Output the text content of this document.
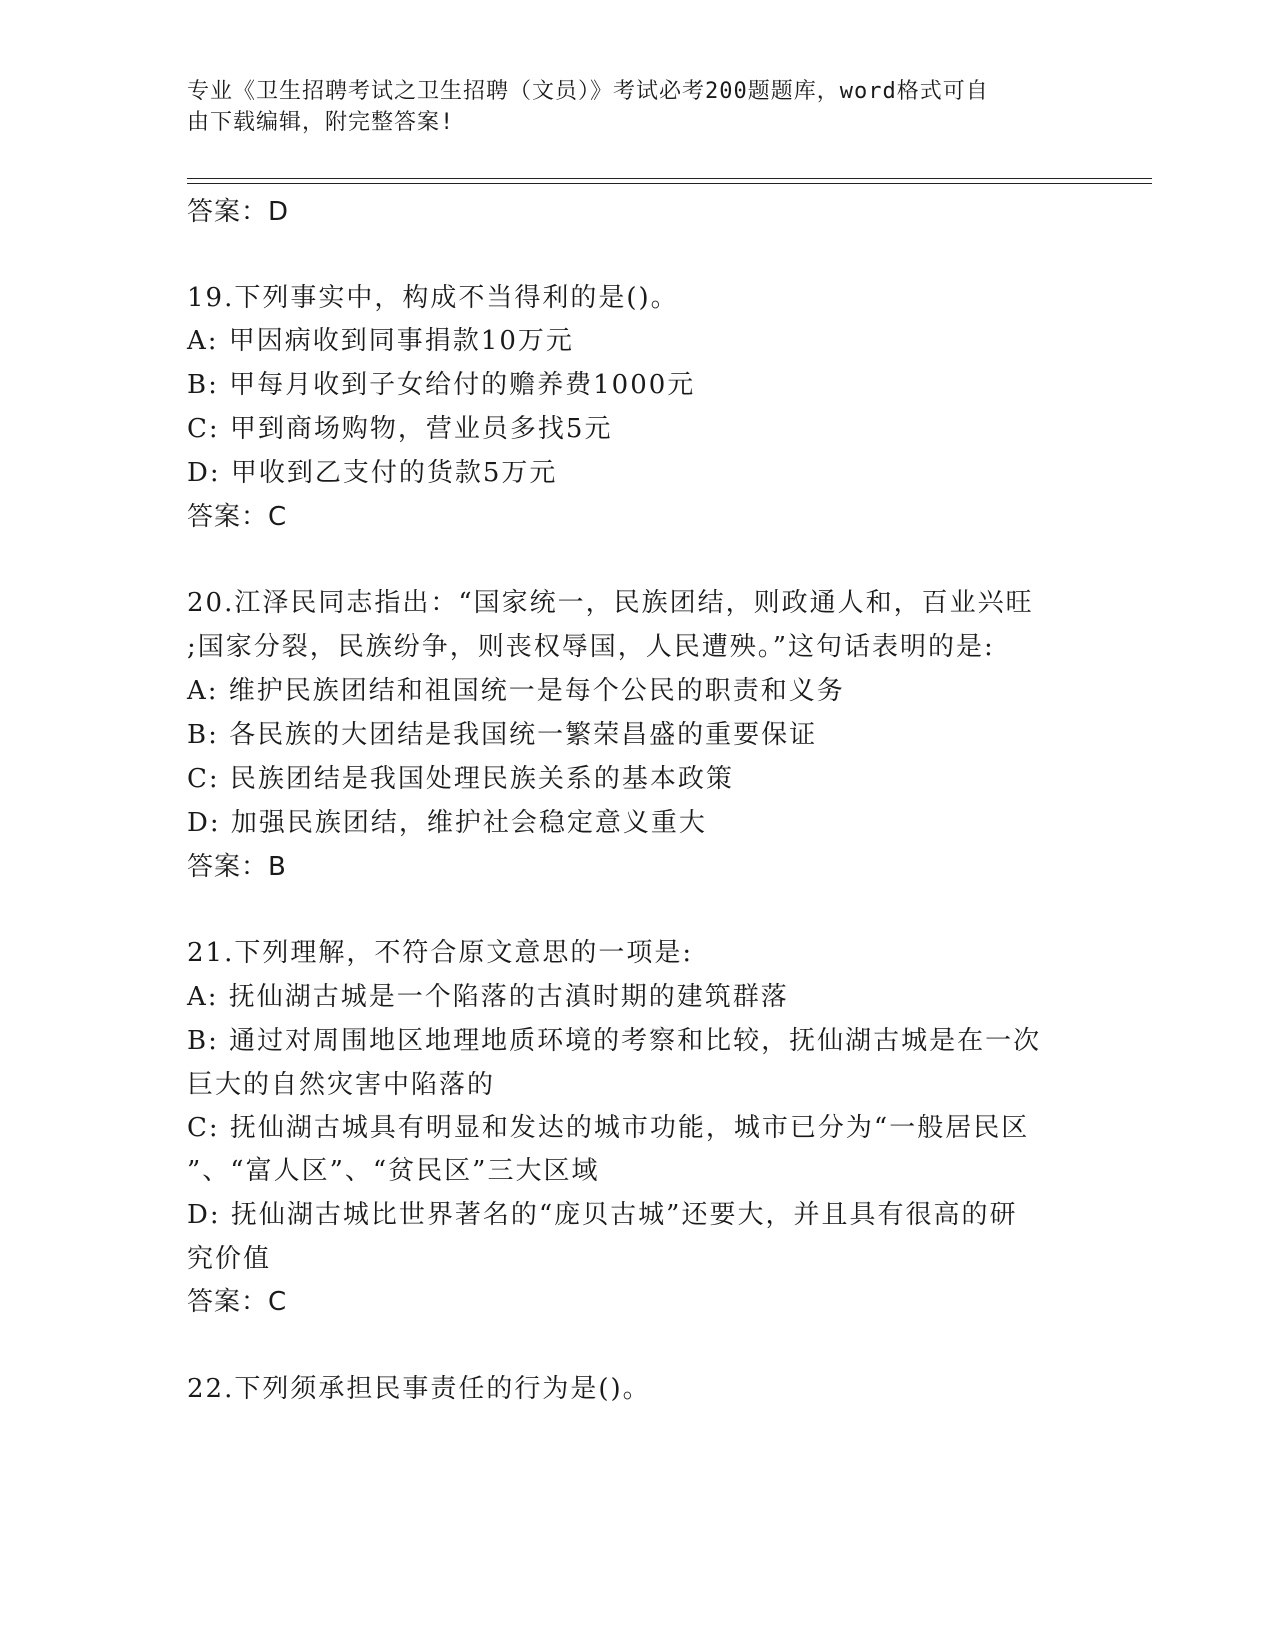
专业《卫生招聘考试之卫生招聘（文员）》考试必考200题题库，word格式可自
由下载编辑，附完整答案!
答案：D
19.下列事实中，构成不当得利的是()。
A: 甲因病收到同事捐款10万元
B: 甲每月收到子女给付的赡养费1000元
C: 甲到商场购物，营业员多找5元
D: 甲收到乙支付的货款5万元
答案：C
20.江泽民同志指出：“国家统一，民族团结，则政通人和，百业兴旺
;国家分裂，民族纷争，则丧权辱国，人民遭殃。”这句话表明的是:
A: 维护民族团结和祖国统一是每个公民的职责和义务
B: 各民族的大团结是我国统一繁荣昌盛的重要保证
C: 民族团结是我国处理民族关系的基本政策
D: 加强民族团结，维护社会稳定意义重大
答案：B
21.下列理解，不符合原文意思的一项是:
A: 抚仙湖古城是一个陷落的古滇时期的建筑群落
B: 通过对周围地区地理地质环境的考察和比较，抚仙湖古城是在一次
巨大的自然灾害中陷落的
C: 抚仙湖古城具有明显和发达的城市功能，城市已分为“一般居民区
”、“富人区”、“贫民区”三大区域
D: 抚仙湖古城比世界著名的“庞贝古城”还要大，并且具有很高的研
究价值
答案：C
22.下列须承担民事责任的行为是()。
